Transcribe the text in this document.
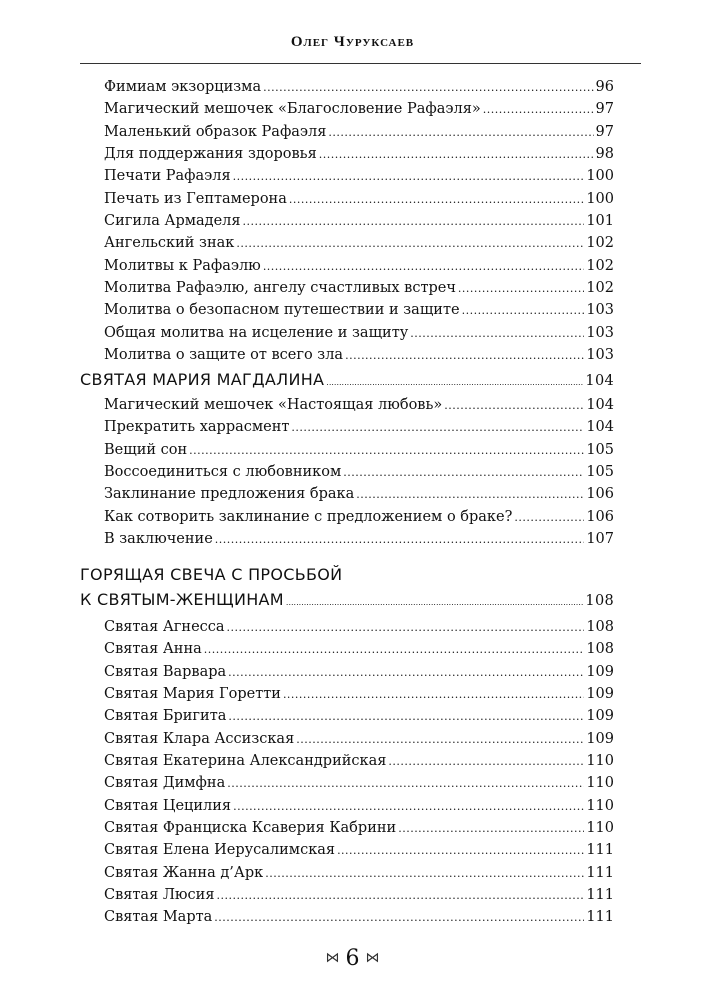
Олег Чуруксаев
Фимиам экзорцизма .....	96
Магический мешочек «Благословение Рафаэля» .....	97
Маленький образок Рафаэля .....	97
Для поддержания здоровья .....	98
Печати Рафаэля .....	100
Печать из Гептамерона .....	100
Сигила Армаделя .....	101
Ангельский знак .....	102
Молитвы к Рафаэлю .....	102
Молитва Рафаэлю, ангелу счастливых встреч .....	102
Молитва о безопасном путешествии и защите .....	103
Общая молитва на исцеление и защиту .....	103
Молитва о защите от всего зла .....	103
СВЯТАЯ МАРИЯ МАГДАЛИНА .....	104
Магический мешочек «Настоящая любовь» .....	104
Прекратить харрасмент .....	104
Вещий сон .....	105
Воссоединиться с любовником .....	105
Заклинание предложения брака .....	106
Как сотворить заклинание с предложением о браке? .....	106
В заключение .....	107
ГОРЯЩАЯ СВЕЧА С ПРОСЬБОЙ
К СВЯТЫМ-ЖЕНЩИНАМ .....	108
Святая Агнесса .....	108
Святая Анна .....	108
Святая Варвара .....	109
Святая Мария Горетти .....	109
Святая Бригита .....	109
Святая Клара Ассизская .....	109
Святая Екатерина Александрийская .....	110
Святая Димфна .....	110
Святая Цецилия .....	110
Святая Франциска Ксаверия Кабрини .....	110
Святая Елена Иерусалимская .....	111
Святая Жанна д’Арк .....	111
Святая Люсия .....	111
Святая Марта .....	111
⋈ 6 ⋈
